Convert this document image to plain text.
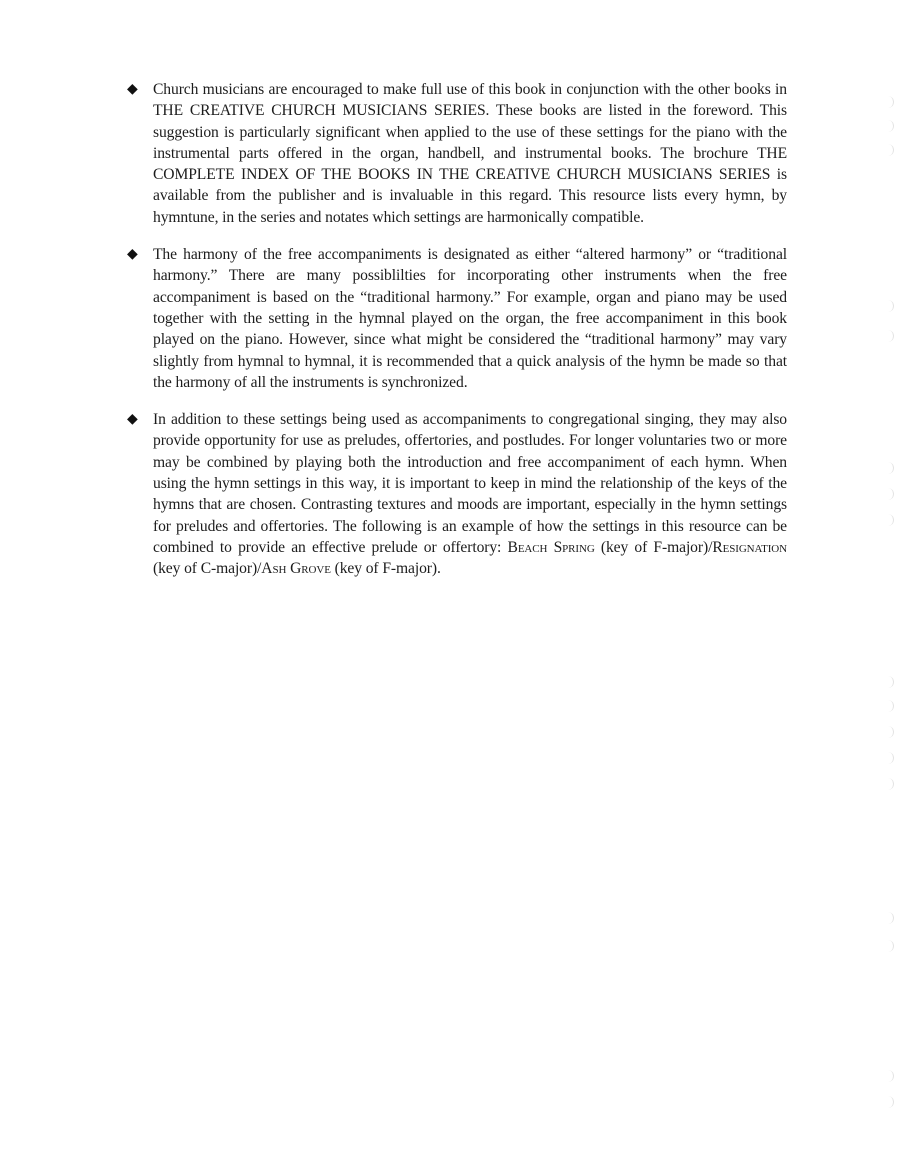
◆ Church musicians are encouraged to make full use of this book in conjunction with the other books in THE CREATIVE CHURCH MUSICIANS SERIES. These books are listed in the foreword. This suggestion is particularly significant when applied to the use of these settings for the piano with the instrumental parts offered in the organ, handbell, and instrumental books. The brochure THE COMPLETE INDEX OF THE BOOKS IN THE CREATIVE CHURCH MUSICIANS SERIES is available from the publisher and is invaluable in this regard. This resource lists every hymn, by hymntune, in the series and notates which settings are harmonically compatible.

◆ The harmony of the free accompaniments is designated as either “altered harmony” or “traditional harmony.” There are many possiblilties for incorporating other instruments when the free accompaniment is based on the “traditional harmony.” For example, organ and piano may be used together with the setting in the hymnal played on the organ, the free accompaniment in this book played on the piano. However, since what might be considered the “traditional harmony” may vary slightly from hymnal to hymnal, it is recommended that a quick analysis of the hymn be made so that the harmony of all the instruments is synchronized.

◆ In addition to these settings being used as accompaniments to congregational singing, they may also provide opportunity for use as preludes, offertories, and postludes. For longer voluntaries two or more may be combined by playing both the introduction and free accompaniment of each hymn. When using the hymn settings in this way, it is important to keep in mind the relationship of the keys of the hymns that are chosen. Contrasting textures and moods are important, especially in the hymn settings for preludes and offertories. The following is an example of how the settings in this resource can be combined to provide an effective prelude or offertory: Beach Spring (key of F-major)/Resignation (key of C-major)/Ash Grove (key of F-major).
